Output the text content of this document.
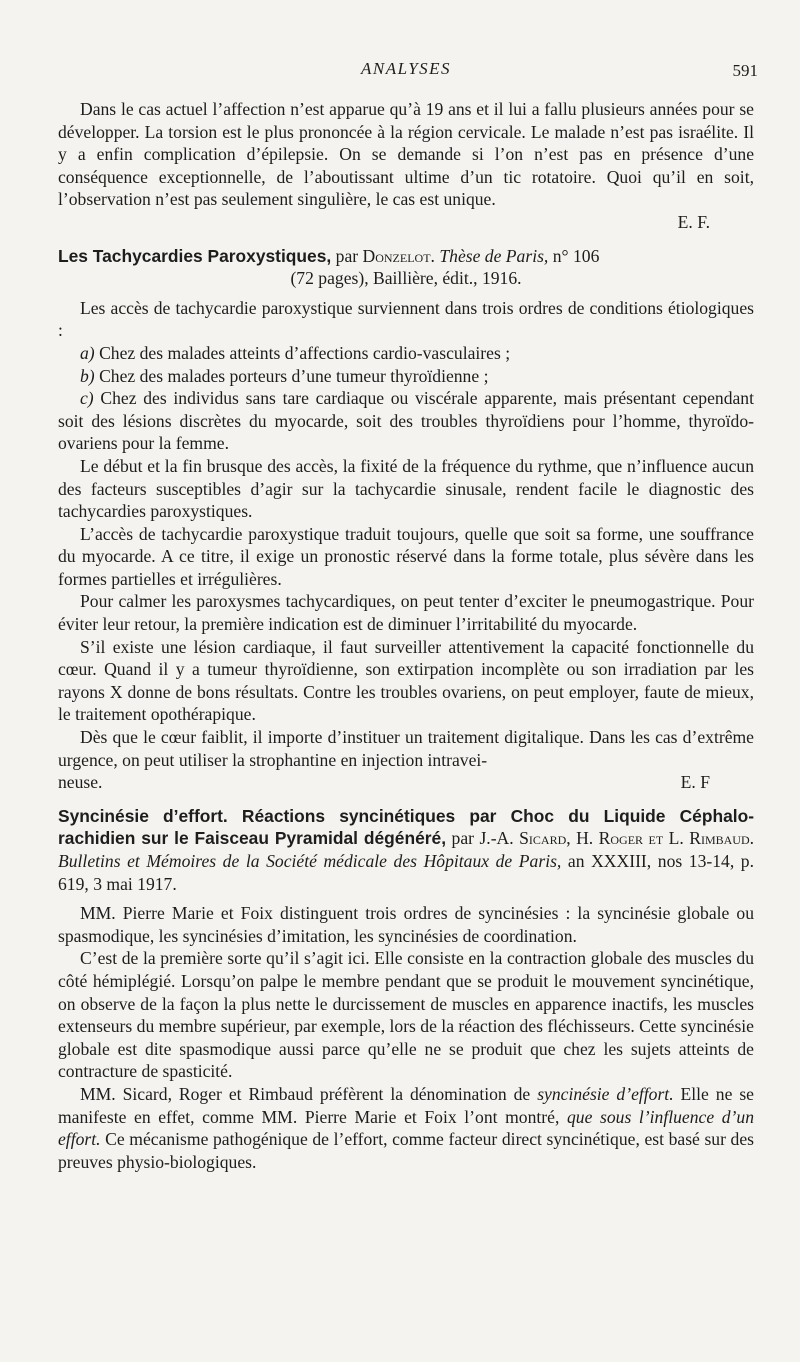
ANALYSES	591

Dans le cas actuel l’affection n’est apparue qu’à 19 ans et il lui a fallu plusieurs années pour se développer. La torsion est le plus prononcée à la région cervicale. Le malade n’est pas israélite. Il y a enfin complication d’épilepsie. On se demande si l’on n’est pas en présence d’une conséquence exceptionnelle, de l’aboutissant ultime d’un tic rotatoire. Quoi qu’il en soit, l’observation n’est pas seulement singulière, le cas est unique.

E. F.
Les Tachycardies Paroxystiques, par Donzelot. Thèse de Paris, n° 106
(72 pages), Baillière, édit., 1916.

Les accès de tachycardie paroxystique surviennent dans trois ordres de conditions étiologiques :

a) Chez des malades atteints d’affections cardio-vasculaires ;

b) Chez des malades porteurs d’une tumeur thyroïdienne ;

c) Chez des individus sans tare cardiaque ou viscérale apparente, mais présentant cependant soit des lésions discrètes du myocarde, soit des troubles thyroïdiens pour l’homme, thyroïdo-ovariens pour la femme.

Le début et la fin brusque des accès, la fixité de la fréquence du rythme, que n’influence aucun des facteurs susceptibles d’agir sur la tachycardie sinusale, rendent facile le diagnostic des tachycardies paroxystiques.

L’accès de tachycardie paroxystique traduit toujours, quelle que soit sa forme, une souffrance du myocarde. A ce titre, il exige un pronostic réservé dans la forme totale, plus sévère dans les formes partielles et irrégulières.

Pour calmer les paroxysmes tachycardiques, on peut tenter d’exciter le pneumogastrique. Pour éviter leur retour, la première indication est de diminuer l’irritabilité du myocarde.

S’il existe une lésion cardiaque, il faut surveiller attentivement la capacité fonctionnelle du cœur. Quand il y a tumeur thyroïdienne, son extirpation incomplète ou son irradiation par les rayons X donne de bons résultats. Contre les troubles ovariens, on peut employer, faute de mieux, le traitement opothérapique.

Dès que le cœur faiblit, il importe d’instituer un traitement digitalique. Dans les cas d’extrême urgence, on peut utiliser la strophantine en injection intravei-

neuse.	E. F
Syncinésie d’effort. Réactions syncinétiques par Choc du Liquide Céphalo-rachidien sur le Faisceau Pyramidal dégénéré, par J.-A. Sicard, H. Roger et L. Rimbaud. Bulletins et Mémoires de la Société médicale des Hôpitaux de Paris, an XXXIII, nos 13-14, p. 619, 3 mai 1917.

MM. Pierre Marie et Foix distinguent trois ordres de syncinésies : la syncinésie globale ou spasmodique, les syncinésies d’imitation, les syncinésies de coordination.

C’est de la première sorte qu’il s’agit ici. Elle consiste en la contraction globale des muscles du côté hémiplégié. Lorsqu’on palpe le membre pendant que se produit le mouvement syncinétique, on observe de la façon la plus nette le durcissement de muscles en apparence inactifs, les muscles extenseurs du membre supérieur, par exemple, lors de la réaction des fléchisseurs. Cette syncinésie globale est dite spasmodique aussi parce qu’elle ne se produit que chez les sujets atteints de contracture de spasticité.

MM. Sicard, Roger et Rimbaud préfèrent la dénomination de syncinésie d’effort. Elle ne se manifeste en effet, comme MM. Pierre Marie et Foix l’ont montré, que sous l’influence d’un effort. Ce mécanisme pathogénique de l’effort, comme facteur direct syncinétique, est basé sur des preuves physio-biologiques.
